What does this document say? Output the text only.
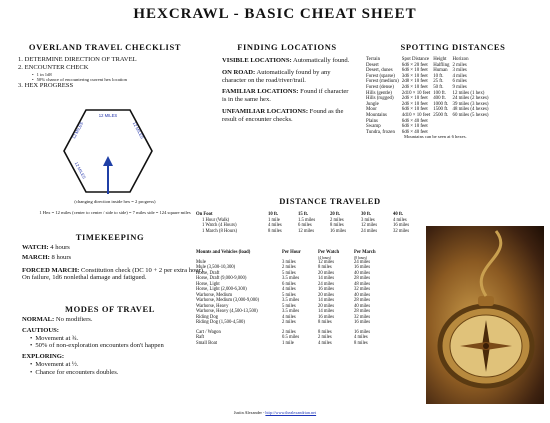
HEXCRAWL - BASIC CHEAT SHEET
OVERLAND TRAVEL CHECKLIST
1. DETERMINE DIRECTION OF TRAVEL
2. ENCOUNTER CHECK
• 1 in 1d8
• 50% chance of encountering current hex location
3. HEX PROGRESS
12 MILES
12 MILES	12 MILES
12 MILES
(changing direction inside hex = 2 progress)
1 Hex = 12 miles (center to center / side to side) = 7 miles side = 124 square miles
FINDING LOCATIONS
VISIBLE LOCATIONS: Automatically found.
ON ROAD: Automatically found by any character on the road/river/trail.
FAMILIAR LOCATIONS: Found if character is in the same hex.
UNFAMILIAR LOCATIONS: Found as the result of encounter checks.
SPOTTING DISTANCES
Terrain	Spot Distance	Height	Horizon
Desert	6d6 × 20 feet	Halfling	2 miles
Desert, dunes	6d6 × 10 feet	Human	3 miles
Forest (sparse)	3d6 × 10 feet	10 ft.	4 miles
Forest (medium)	2d8 × 10 feet	25 ft.	6 miles
Forest (dense)	2d6 × 10 feet	50 ft.	9 miles
Hills (gentle)	2d10 × 10 feet	100 ft.	12 miles (1 hex)
Hills (rugged)	2d6 × 10 feet	400 ft.	24 miles (2 hexes)
Jungle	2d6 × 10 feet	1000 ft.	39 miles (3 hexes)
Moor	6d6 × 10 feet	1500 ft.	48 miles (4 hexes)
Mountains	4d10 × 10 feet	2500 ft.	60 miles (5 hexes)
Plains	6d6 × 40 feet		
Swamp	6d6 × 10 feet		
Tundra, frozen	6d6 × 40 feet		
Mountains can be seen at 6 hexes.
TIMEKEEPING
WATCH: 4 hours
MARCH: 8 hours
FORCED MARCH: Constitution check (DC 10 + 2 per extra hour). On failure, 1d6 nonlethal damage and fatigued.
MODES OF TRAVEL
NORMAL: No modifiers.
CAUTIOUS:
• Movement at ¾.
• 50% of non-exploration encounters don't happen
EXPLORING:
• Movement at ½.
• Chance for encounters doubles.
DISTANCE TRAVELED
On Foot	10 ft.	15 ft.	20 ft.	30 ft.	40 ft.
1 Hour (Walk)	1 mile	1.5 miles	2 miles	3 miles	4 miles
1 Watch (4 Hours)	4 miles	6 miles	8 miles	12 miles	16 miles
1 March (8 Hours)	8 miles	12 miles	16 miles	24 miles	32 miles
Mounts and Vehicles (load)	Per Hour	Per Watch	Per March
		(4 hours)	(8 hours)
Mule	3 miles	12 miles	24 miles
Mule (3,500-10,300)	2 miles	8 miles	16 miles
Horse, Draft	5 miles	20 miles	40 miles
Horse, Draft (9,000-9,000)	3.5 miles	14 miles	28 miles
Horse, Light	6 miles	24 miles	48 miles
Horse, Light (2,000-6,300)	4 miles	16 miles	32 miles
Warhorse, Medium	5 miles	20 miles	40 miles
Warhorse, Medium (3,000-9,000)	3.5 miles	14 miles	28 miles
Warhorse, Heavy	5 miles	20 miles	40 miles
Warhorse, Heavy (4,500-13,500)	3.5 miles	14 miles	28 miles
Riding Dog	4 miles	16 miles	32 miles
Riding Dog (1,500-4,500)	2 miles	8 miles	16 miles

Cart / Wagon	2 miles	8 miles	16 miles
Raft	0.5 miles	2 miles	4 miles
Small Boat	1 mile	4 miles	8 miles
Justin Alexander - http://www.thealexandrian.net
